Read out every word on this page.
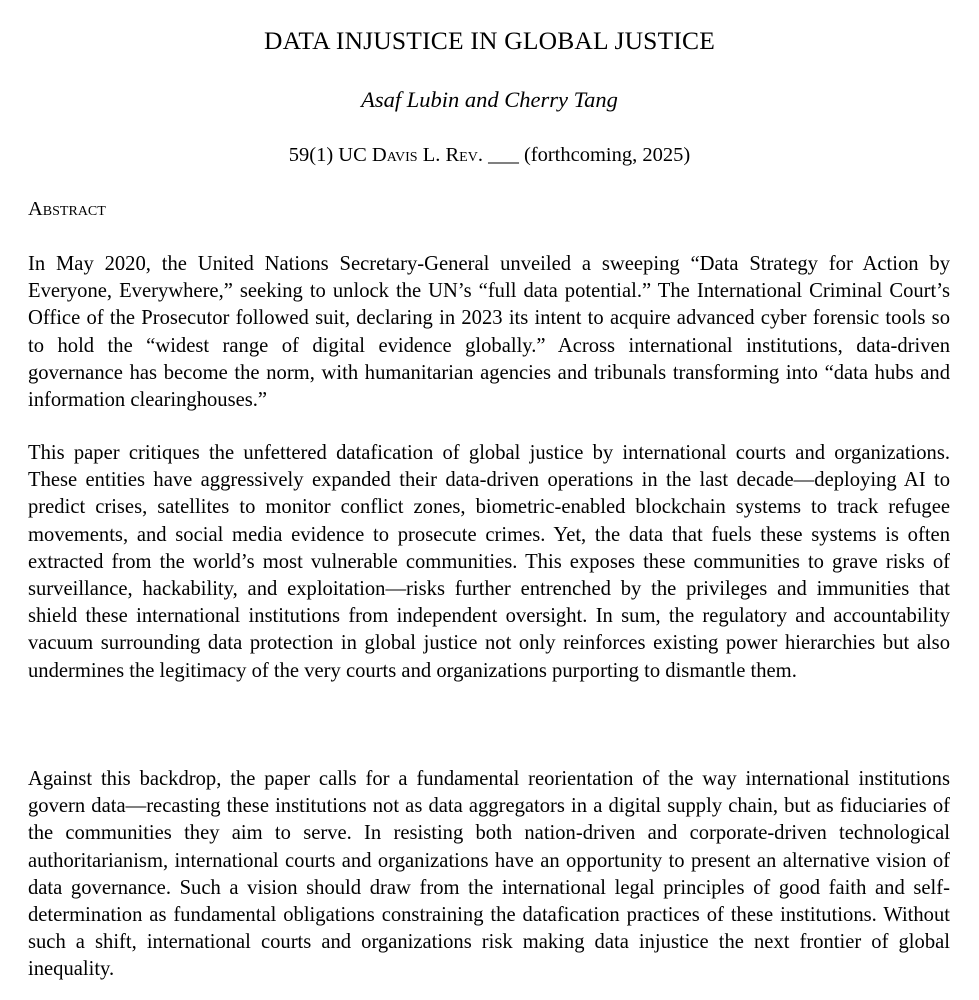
DATA INJUSTICE IN GLOBAL JUSTICE
Asaf Lubin and Cherry Tang
59(1) UC Davis L. Rev. ___ (forthcoming, 2025)
Abstract

In May 2020, the United Nations Secretary-General unveiled a sweeping “Data Strategy for Action by Everyone, Everywhere,” seeking to unlock the UN’s “full data potential.” The International Criminal Court’s Office of the Prosecutor followed suit, declaring in 2023 its intent to acquire advanced cyber forensic tools so to hold the “widest range of digital evidence globally.” Across international institutions, data-driven governance has become the norm, with humanitarian agencies and tribunals transforming into “data hubs and information clearinghouses.”

This paper critiques the unfettered datafication of global justice by international courts and organizations. These entities have aggressively expanded their data-driven operations in the last decade—deploying AI to predict crises, satellites to monitor conflict zones, biometric-enabled blockchain systems to track refugee movements, and social media evidence to prosecute crimes. Yet, the data that fuels these systems is often extracted from the world’s most vulnerable communities. This exposes these communities to grave risks of surveillance, hackability, and exploitation—risks further entrenched by the privileges and immunities that shield these international institutions from independent oversight. In sum, the regulatory and accountability vacuum surrounding data protection in global justice not only reinforces existing power hierarchies but also undermines the legitimacy of the very courts and organizations purporting to dismantle them.

Against this backdrop, the paper calls for a fundamental reorientation of the way international institutions govern data—recasting these institutions not as data aggregators in a digital supply chain, but as fiduciaries of the communities they aim to serve. In resisting both nation-driven and corporate-driven technological authoritarianism, international courts and organizations have an opportunity to present an alternative vision of data governance. Such a vision should draw from the international legal principles of good faith and self-determination as fundamental obligations constraining the datafication practices of these institutions. Without such a shift, international courts and organizations risk making data injustice the next frontier of global inequality.
